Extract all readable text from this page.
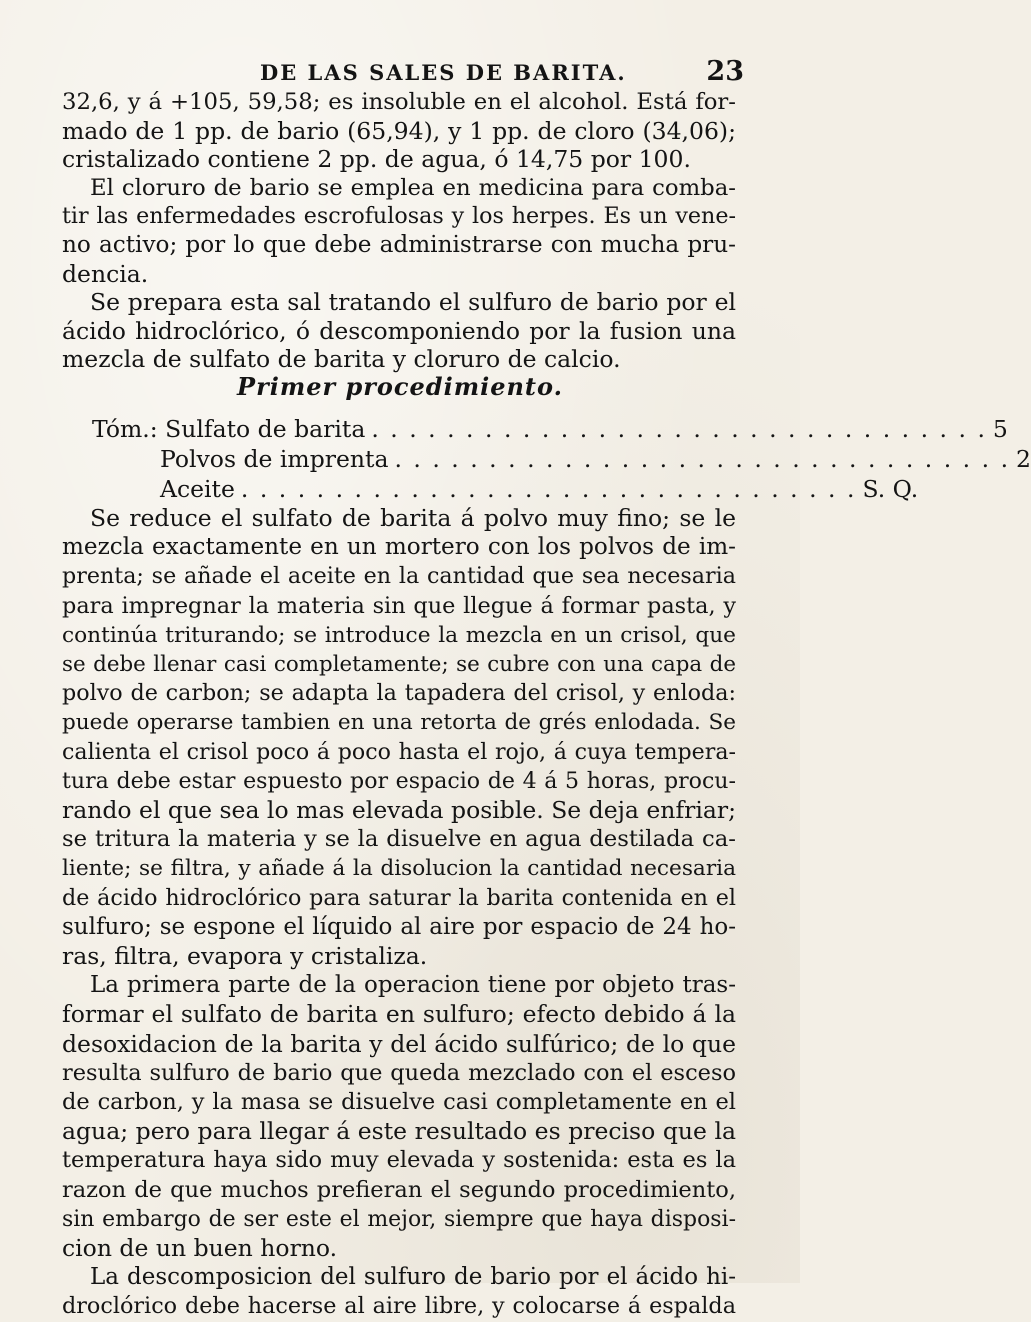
DE LAS SALES DE BARITA.	23

32,6, y á +105, 59,58; es insoluble en el alcohol. Está for-
mado de 1 pp. de bario (65,94), y 1 pp. de cloro (34,06);
cristalizado contiene 2 pp. de agua, ó 14,75 por 100.

El cloruro de bario se emplea en medicina para comba-
tir las enfermedades escrofulosas y los herpes. Es un vene-
no activo; por lo que debe administrarse con mucha pru-
dencia.

Se prepara esta sal tratando el sulfuro de bario por el
ácido hidroclórico, ó descomponiendo por la fusion una
mezcla de sulfato de barita y cloruro de calcio.

Primer procedimiento.
Tóm.: Sulfato de barita . . .	5
Polvos de imprenta . . .	2
Aceite . . .	S. Q.

Se reduce el sulfato de barita á polvo muy fino; se le
mezcla exactamente en un mortero con los polvos de im-
prenta; se añade el aceite en la cantidad que sea necesaria
para impregnar la materia sin que llegue á formar pasta, y
continúa triturando; se introduce la mezcla en un crisol, que
se debe llenar casi completamente; se cubre con una capa de
polvo de carbon; se adapta la tapadera del crisol, y enloda:
puede operarse tambien en una retorta de grés enlodada. Se
calienta el crisol poco á poco hasta el rojo, á cuya tempera-
tura debe estar espuesto por espacio de 4 á 5 horas, procu-
rando el que sea lo mas elevada posible. Se deja enfriar;
se tritura la materia y se la disuelve en agua destilada ca-
liente; se filtra, y añade á la disolucion la cantidad necesaria
de ácido hidroclórico para saturar la barita contenida en el
sulfuro; se espone el líquido al aire por espacio de 24 ho-
ras, filtra, evapora y cristaliza.

La primera parte de la operacion tiene por objeto tras-
formar el sulfato de barita en sulfuro; efecto debido á la
desoxidacion de la barita y del ácido sulfúrico; de lo que
resulta sulfuro de bario que queda mezclado con el esceso
de carbon, y la masa se disuelve casi completamente en el
agua; pero para llegar á este resultado es preciso que la
temperatura haya sido muy elevada y sostenida: esta es la
razon de que muchos prefieran el segundo procedimiento,
sin embargo de ser este el mejor, siempre que haya disposi-
cion de un buen horno.

La descomposicion del sulfuro de bario por el ácido hi-
droclórico debe hacerse al aire libre, y colocarse á espalda
